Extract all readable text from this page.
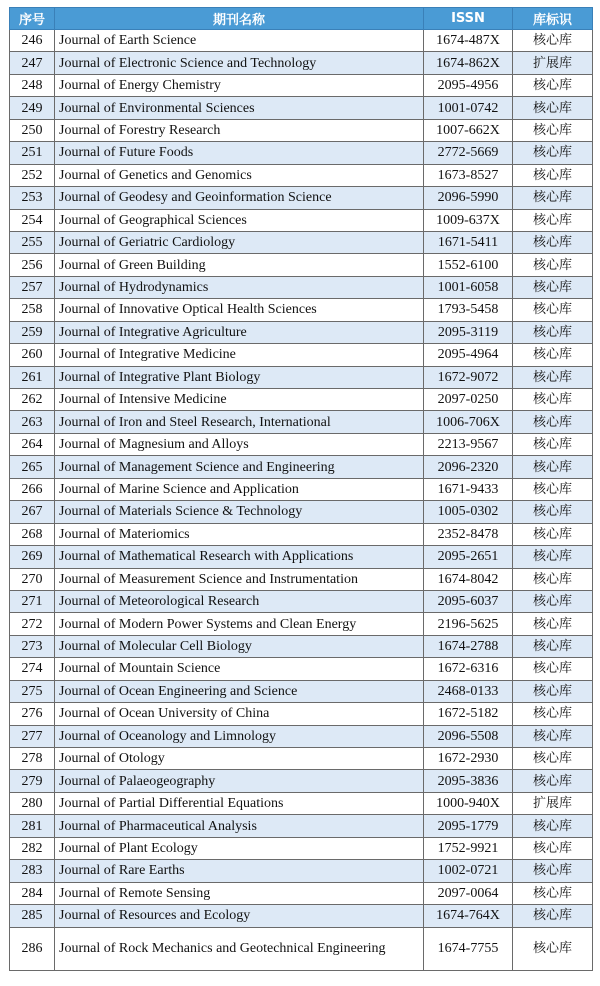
序号	期刊名称	ISSN	库标识
246	Journal of Earth Science	1674-487X	核心库
247	Journal of Electronic Science and Technology	1674-862X	扩展库
248	Journal of Energy Chemistry	2095-4956	核心库
249	Journal of Environmental Sciences	1001-0742	核心库
250	Journal of Forestry Research	1007-662X	核心库
251	Journal of Future Foods	2772-5669	核心库
252	Journal of Genetics and Genomics	1673-8527	核心库
253	Journal of Geodesy and Geoinformation Science	2096-5990	核心库
254	Journal of Geographical Sciences	1009-637X	核心库
255	Journal of Geriatric Cardiology	1671-5411	核心库
256	Journal of Green Building	1552-6100	核心库
257	Journal of Hydrodynamics	1001-6058	核心库
258	Journal of Innovative Optical Health Sciences	1793-5458	核心库
259	Journal of Integrative Agriculture	2095-3119	核心库
260	Journal of Integrative Medicine	2095-4964	核心库
261	Journal of Integrative Plant Biology	1672-9072	核心库
262	Journal of Intensive Medicine	2097-0250	核心库
263	Journal of Iron and Steel Research, International	1006-706X	核心库
264	Journal of Magnesium and Alloys	2213-9567	核心库
265	Journal of Management Science and Engineering	2096-2320	核心库
266	Journal of Marine Science and Application	1671-9433	核心库
267	Journal of Materials Science & Technology	1005-0302	核心库
268	Journal of Materiomics	2352-8478	核心库
269	Journal of Mathematical Research with Applications	2095-2651	核心库
270	Journal of Measurement Science and Instrumentation	1674-8042	核心库
271	Journal of Meteorological Research	2095-6037	核心库
272	Journal of Modern Power Systems and Clean Energy	2196-5625	核心库
273	Journal of Molecular Cell Biology	1674-2788	核心库
274	Journal of Mountain Science	1672-6316	核心库
275	Journal of Ocean Engineering and Science	2468-0133	核心库
276	Journal of Ocean University of China	1672-5182	核心库
277	Journal of Oceanology and Limnology	2096-5508	核心库
278	Journal of Otology	1672-2930	核心库
279	Journal of Palaeogeography	2095-3836	核心库
280	Journal of Partial Differential Equations	1000-940X	扩展库
281	Journal of Pharmaceutical Analysis	2095-1779	核心库
282	Journal of Plant Ecology	1752-9921	核心库
283	Journal of Rare Earths	1002-0721	核心库
284	Journal of Remote Sensing	2097-0064	核心库
285	Journal of Resources and Ecology	1674-764X	核心库
286	Journal of Rock Mechanics and Geotechnical Engineering	1674-7755	核心库
